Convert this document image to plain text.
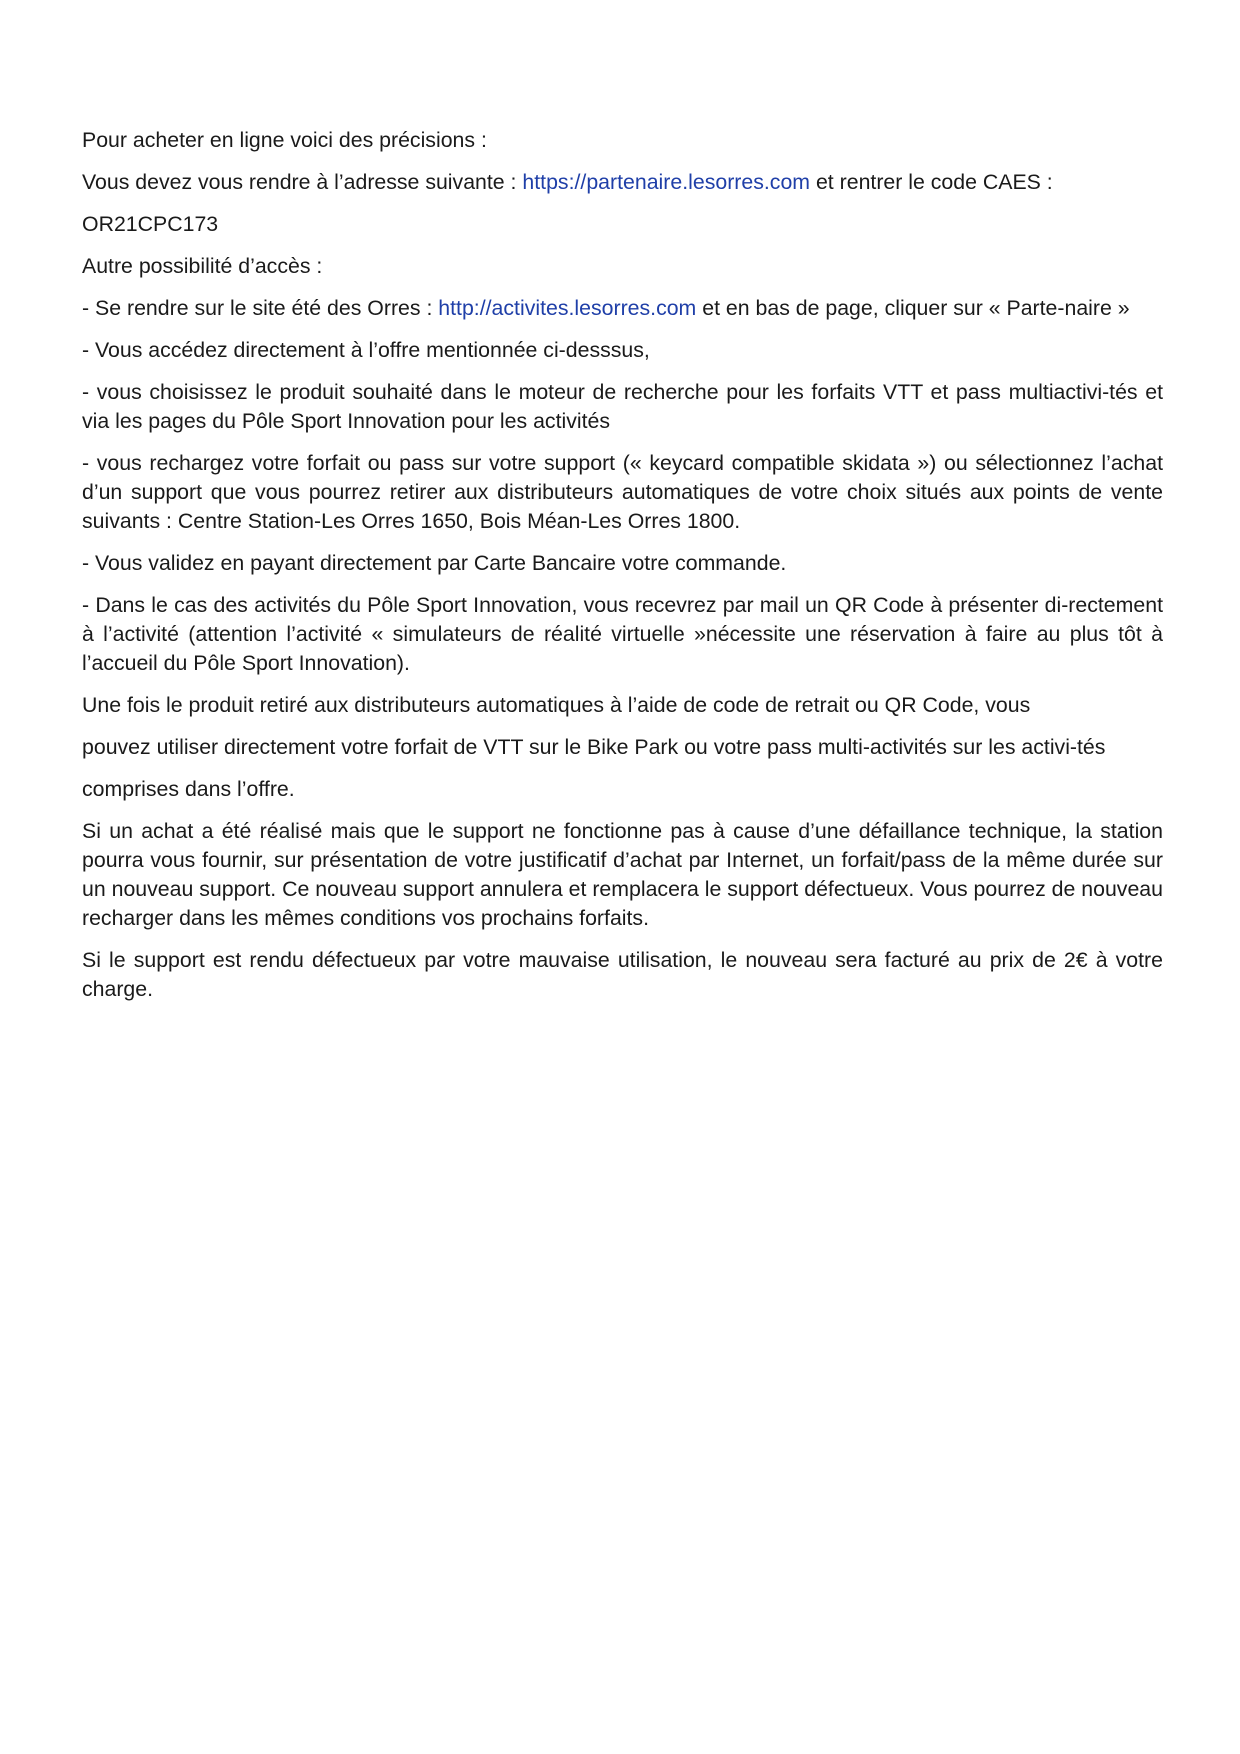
Pour acheter en ligne voici des précisions :

Vous devez vous rendre à l’adresse suivante : https://partenaire.lesorres.com et rentrer le code CAES :

OR21CPC173

Autre possibilité d’accès :

- Se rendre sur le site été des Orres : http://activites.lesorres.com et en bas de page, cliquer sur « Parte-naire »

- Vous accédez directement à l’offre mentionnée ci-desssus,

- vous choisissez le produit souhaité dans le moteur de recherche pour les forfaits VTT et pass multiactivi-tés et via les pages du Pôle Sport Innovation pour les activités

- vous rechargez votre forfait ou pass sur votre support (« keycard compatible skidata ») ou sélectionnez l’achat d’un support que vous pourrez retirer aux distributeurs automatiques de votre choix situés aux points de vente suivants : Centre Station-Les Orres 1650, Bois Méan-Les Orres 1800.

- Vous validez en payant directement par Carte Bancaire votre commande.

- Dans le cas des activités du Pôle Sport Innovation, vous recevrez par mail un QR Code à présenter di-rectement à l’activité (attention l’activité « simulateurs de réalité virtuelle »nécessite une réservation à faire au plus tôt à l’accueil du Pôle Sport Innovation).

Une fois le produit retiré aux distributeurs automatiques à l’aide de code de retrait ou QR Code, vous

pouvez utiliser directement votre forfait de VTT sur le Bike Park ou votre pass multi-activités sur les activi-tés

comprises dans l’offre.

Si un achat a été réalisé mais que le support ne fonctionne pas à cause d’une défaillance technique, la station pourra vous fournir, sur présentation de votre justificatif d’achat par Internet, un forfait/pass de la même durée sur un nouveau support. Ce nouveau support annulera et remplacera le support défectueux. Vous pourrez de nouveau recharger dans les mêmes conditions vos prochains forfaits.

Si le support est rendu défectueux par votre mauvaise utilisation, le nouveau sera facturé au prix de 2€ à votre charge.
